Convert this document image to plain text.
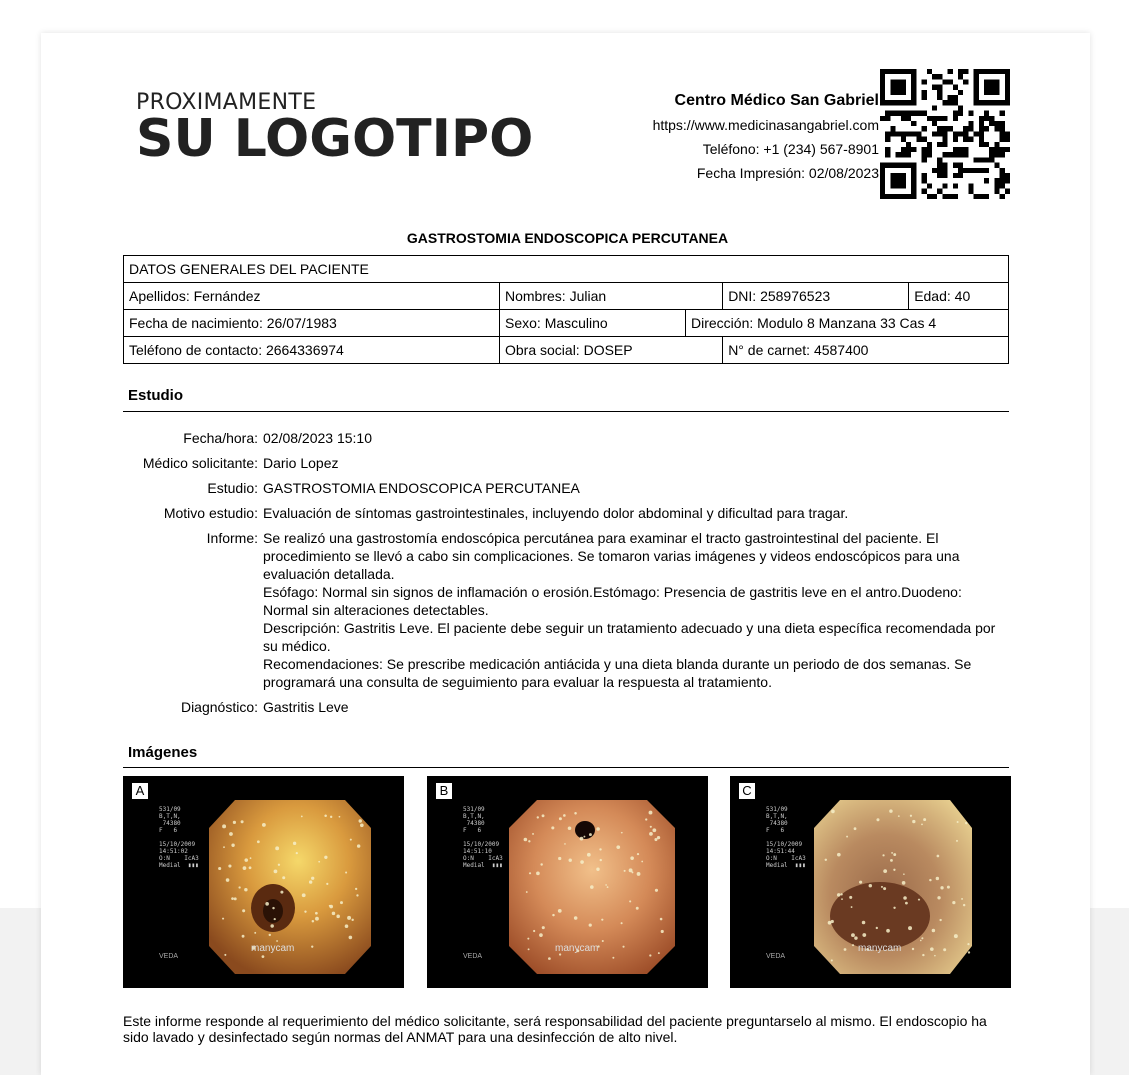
PROXIMAMENTE
SU LOGOTIPO
Centro Médico San Gabriel
https://www.medicinasangabriel.com
Teléfono: +1 (234) 567-8901
Fecha Impresión: 02/08/2023
GASTROSTOMIA ENDOSCOPICA PERCUTANEA
DATOS GENERALES DEL PACIENTE				
Apellidos: Fernández	Nombres: Julian		DNI: 258976523	Edad: 40
Fecha de nacimiento: 26/07/1983	Sexo: Masculino	Dirección: Modulo 8 Manzana 33 Cas 4		
Teléfono de contacto: 2664336974	Obra social: DOSEP		N° de carnet: 4587400	
Estudio
Fecha/hora: 02/08/2023 15:10
Médico solicitante: Dario Lopez
Estudio: GASTROSTOMIA ENDOSCOPICA PERCUTANEA
Motivo estudio: Evaluación de síntomas gastrointestinales, incluyendo dolor abdominal y dificultad para tragar.
Informe: Se realizó una gastrostomía endoscópica percutánea para examinar el tracto gastrointestinal del paciente. El procedimiento se llevó a cabo sin complicaciones. Se tomaron varias imágenes y videos endoscópicos para una evaluación detallada.
Esófago: Normal sin signos de inflamación o erosión.Estómago: Presencia de gastritis leve en el antro.Duodeno: Normal sin alteraciones detectables.
Descripción: Gastritis Leve. El paciente debe seguir un tratamiento adecuado y una dieta específica recomendada por su médico.
Recomendaciones: Se prescribe medicación antiácida y una dieta blanda durante un periodo de dos semanas. Se programará una consulta de seguimiento para evaluar la respuesta al tratamiento.
Diagnóstico: Gastritis Leve
Imágenes
A
531/09
B,T,N,
74380
F   6

15/10/2009
14:51:02
O:N    IcA3
Medial  ▮▮▮
VEDA
manycam
B
531/09
B,T,N,
74380
F   6

15/10/2009
14:51:10
O:N    IcA3
Medial  ▮▮▮
VEDA
manycam
C
531/09
B,T,N,
74380
F   6

15/10/2009
14:51:44
O:N    IcA3
Medial  ▮▮▮
VEDA
manycam
Este informe responde al requerimiento del médico solicitante, será responsabilidad del paciente preguntarselo al mismo. El endoscopio ha sido lavado y desinfectado según normas del ANMAT para una desinfección de alto nivel.
